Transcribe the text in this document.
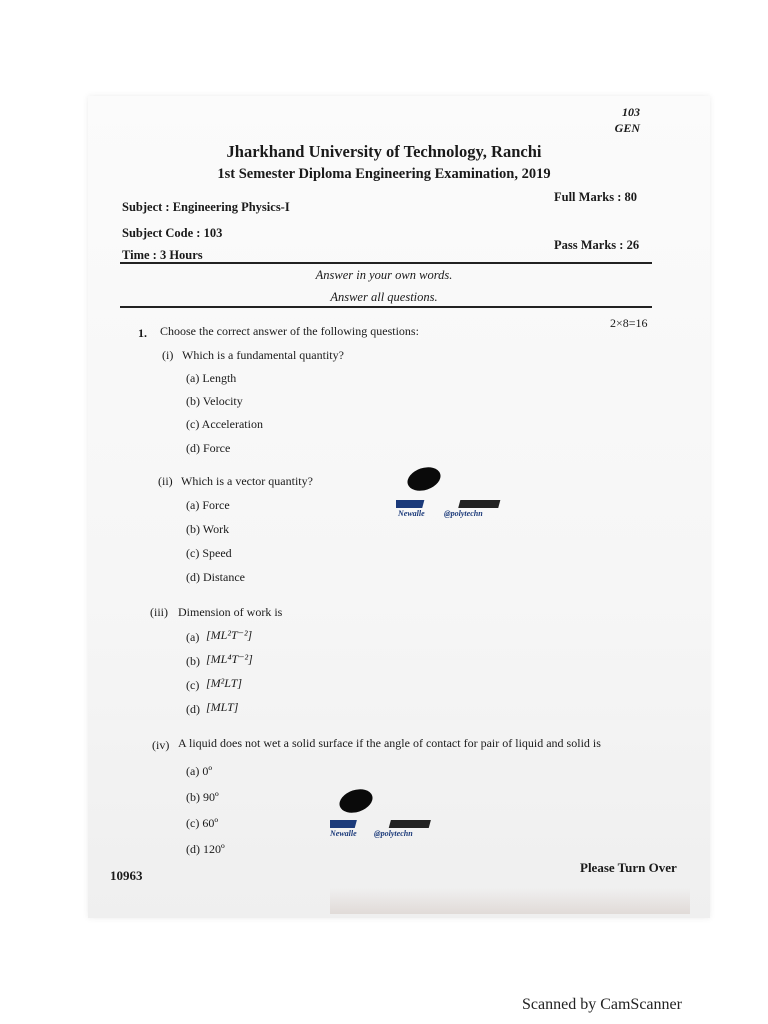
103
GEN
Jharkhand University of Technology, Ranchi
1st Semester Diploma Engineering Examination, 2019
Subject : Engineering Physics-I
Full Marks : 80
Subject Code : 103
Time : 3 Hours
Pass Marks : 26
Answer in your own words.
Answer all questions.
1. Choose the correct answer of the following questions:
2×8=16
(i) Which is a fundamental quantity?
(a) Length
(b) Velocity
(c) Acceleration
(d) Force
(ii) Which is a vector quantity?
(a) Force
(b) Work
(c) Speed
(d) Distance
Newalle @polytechn
(iii) Dimension of work is
(a) [ML²T⁻²]
(b) [ML⁴T⁻²]
(c) [M²LT]
(d) [MLT]
(iv) A liquid does not wet a solid surface if the angle of contact for pair of liquid and solid is
(a) 0º
(b) 90º
(c) 60º
(d) 120º
Newalle @polytechn
10963
Please Turn Over
Scanned by CamScanner
